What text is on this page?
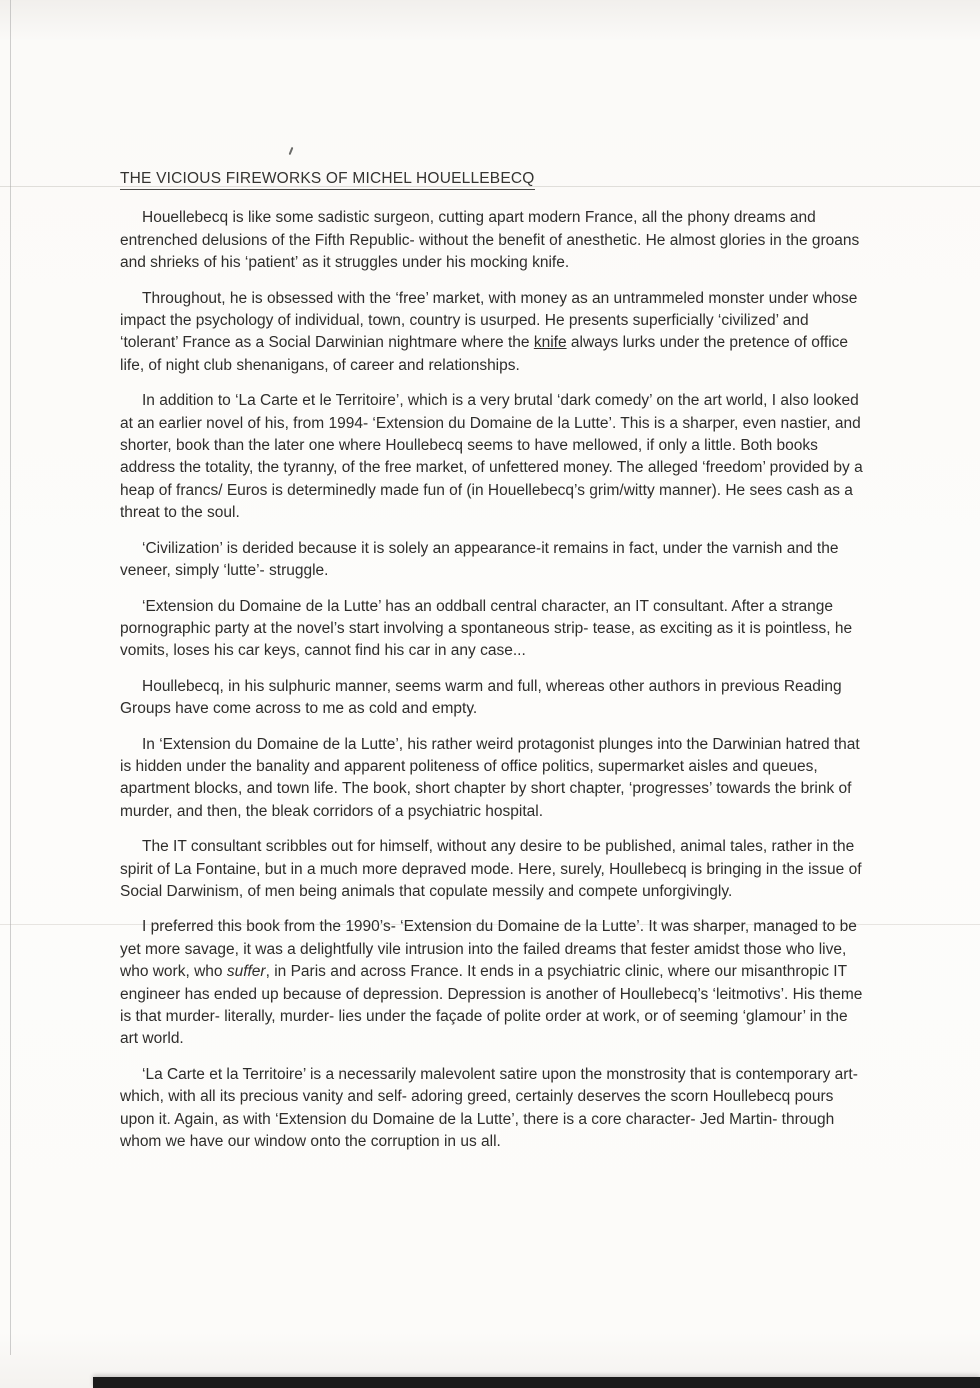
THE VICIOUS FIREWORKS OF MICHEL HOUELLEBECQ

Houellebecq is like some sadistic surgeon, cutting apart modern France, all the phony dreams and entrenched delusions of the Fifth Republic- without the benefit of anesthetic. He almost glories in the groans and shrieks of his ‘patient’ as it struggles under his mocking knife.

Throughout, he is obsessed with the ‘free’ market, with money as an untrammeled monster under whose impact the psychology of individual, town, country is usurped. He presents superficially ‘civilized’ and ‘tolerant’ France as a Social Darwinian nightmare where the knife always lurks under the pretence of office life, of night club shenanigans, of career and relationships.

In addition to ‘La Carte et le Territoire’, which is a very brutal ‘dark comedy’ on the art world, I also looked at an earlier novel of his, from 1994- ‘Extension du Domaine de la Lutte’. This is a sharper, even nastier, and shorter, book than the later one where Houllebecq seems to have mellowed, if only a little. Both books address the totality, the tyranny, of the free market, of unfettered money. The alleged ‘freedom’ provided by a heap of francs/ Euros is determinedly made fun of (in Houellebecq’s grim/witty manner). He sees cash as a threat to the soul.

‘Civilization’ is derided because it is solely an appearance-it remains in fact, under the varnish and the veneer, simply ‘lutte’- struggle.

‘Extension du Domaine de la Lutte’ has an oddball central character, an IT consultant. After a strange pornographic party at the novel’s start involving a spontaneous strip- tease, as exciting as it is pointless, he vomits, loses his car keys, cannot find his car in any case...

Houllebecq, in his sulphuric manner, seems warm and full, whereas other authors in previous Reading Groups have come across to me as cold and empty.

In ‘Extension du Domaine de la Lutte’, his rather weird protagonist plunges into the Darwinian hatred that is hidden under the banality and apparent politeness of office politics, supermarket aisles and queues, apartment blocks, and town life. The book, short chapter by short chapter, ‘progresses’ towards the brink of murder, and then, the bleak corridors of a psychiatric hospital.

The IT consultant scribbles out for himself, without any desire to be published, animal tales, rather in the spirit of La Fontaine, but in a much more depraved mode. Here, surely, Houllebecq is bringing in the issue of Social Darwinism, of men being animals that copulate messily and compete unforgivingly.

I preferred this book from the 1990’s- ‘Extension du Domaine de la Lutte’. It was sharper, managed to be yet more savage, it was a delightfully vile intrusion into the failed dreams that fester amidst those who live, who work, who suffer, in Paris and across France. It ends in a psychiatric clinic, where our misanthropic IT engineer has ended up because of depression. Depression is another of Houllebecq’s ‘leitmotivs’. His theme is that murder- literally, murder- lies under the façade of polite order at work, or of seeming ‘glamour’ in the art world.

‘La Carte et la Territoire’ is a necessarily malevolent satire upon the monstrosity that is contemporary art- which, with all its precious vanity and self- adoring greed, certainly deserves the scorn Houllebecq pours upon it. Again, as with ‘Extension du Domaine de la Lutte’, there is a core character- Jed Martin- through whom we have our window onto the corruption in us all.
